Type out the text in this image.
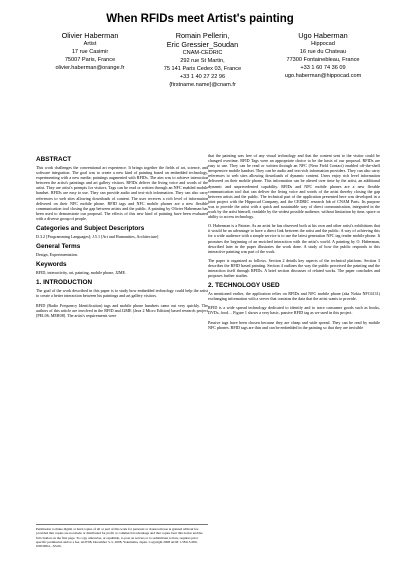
When RFIDs meet Artist's painting
Olivier Haberman
Artist
17 rue Casimir
75007 Paris, France
olivier.haberman@orange.fr
Romain Pellerin,
Eric Gressier_Soudan
CNAM-CEDRIC
292 rue St Martin,
75 141 Paris Cedex 03, France
+33 1 40 27 22 96
{firstname.name}@cnam.fr
Ugo Haberman
Hippocad
16 rue du Chateau
77300 Fontainebleau, France
+33 1 60 74 36 09
ugo.haberman@hippocad.com
ABSTRACT
This work challenges the conventional art experience. It brings together the fields of art, science, and software integration. The goal was to create a new kind of painting based on embedded technology, experimenting with a new media: paintings augmented with RFIDs. The aim was to achieve interaction between the artist's paintings and art gallery visitors. RFIDs deliver the living voice and words of the artist. They are artist's prompts for visitors. Tags can be read or written through an NFC enabled mobile handset. RFIDs are easy to use. They can provide audio and text-rich information. They can also carry references to web sites allowing downloads of content. The user receives a rich level of information delivered on their NFC mobile phone. RFID tags and NFC mobile phones are a new flexible communication tool closing the gap between artists and the public. A painting by Olivier Haberman has been used to demonstrate our proposal. The effects of this new kind of painting have been evaluated with a diverse group of people.
Categories and Subject Descriptors
D.3.2 [Programming Languages]; J.5.1 [Art and Humanities, Architecture]
General Terms
Design, Experimentation.
Keywords
RFID, interactivity, art, painting, mobile phone, J2ME.
1. INTRODUCTION
The goal of the work described in this paper is to study how embedded technology could help the artist to create a better interaction between his paintings and art gallery visitors.
RFID (Radio Frequency Identification) tags and mobile phone handsets came out very quickly. The authors of this article are involved in the RFID and J2ME (Java 2 Micro Edition) based research project [PEL06, MER08]. The artist's requirements were
Permission to make digital or hard copies of all or part of this work for personal or classroom use is granted without fee provided that copies are not made or distributed for profit or commercial advantage and that copies bear this notice and the full citation on the first page. To copy otherwise, or republish, to post on servers or to redistribute to lists, requires prior specific permission and/or a fee. ACE'08, December 3–5, 2008, Yokohama, Japan. Copyright 2008 ACM 1-58113-000-0/00/0004…$5.00.
that the painting was free of any visual technology and that the content sent to the visitor could be changed overtime. RFID Tags were an appropriate choice to be the basis of our proposal. RFIDs are easy to use. They can be read or written through an NFC (Near Field Contact) enabled off-the-shelf inexpensive mobile handset. They can be audio and text-rich information providers. They can also carry references to web sites allowing downloads of dynamic content. Users enjoy rich level information delivered on their mobile phone. This information can be altered over time by the artist, an additional dynamic and unprecedented capability. RFIDs and NFC mobile phones are a new flexible communication tool that can deliver the living voice and words of the artist thereby closing the gap between artists and the public. The technical part of the application presented here was developed in a joint project with the Hippocad Company, and the CEDRIC research lab of CNAM Paris. Its purpose was to provide the artist with a quick and sustainable way of direct communication, integrated in the work by the artist himself, readable by the widest possible audience, without limitation by time, space or ability to access technology.
O. Haberman is a Painter. As an artist he has observed both at his own and other artist's exhibitions that it would be an advantage to have a direct link between the artist and the public. A way of achieving this for a wide audience with a simple service is to use the latest generation NFC tag reader mobile phone. It promises the beginning of an enriched interaction with the artist's world. A painting by O. Haberman, described later in the paper illustrates the work done. A study of how the public responds to this interactive painting was part of the work.
The paper is organized as follows. Section 2 details key aspects of the technical platform. Section 3 describes the RFID based painting. Section 4 outlines the way the public perceived the painting and the interaction itself through RFIDs. A brief section discusses of related works. The paper concludes and proposes further studies.
2. TECHNOLOGY USED
As mentioned earlier, the application relies on RFIDs and NFC mobile phone (aka Nokia NFC6131) exchanging information with a server that contains the data that the artist wants to provide.
RFID is a wide spread technology dedicated to identify and to trace consumer goods such as books, DVDs, food… Figure 1 shows a very basic, passive RFID tag as we used in this project.
Passive tags have been chosen because they are cheap and wide spread. They can be read by mobile NFC phones. RFID tags are thin and can be embedded in the painting so that they are invisible
